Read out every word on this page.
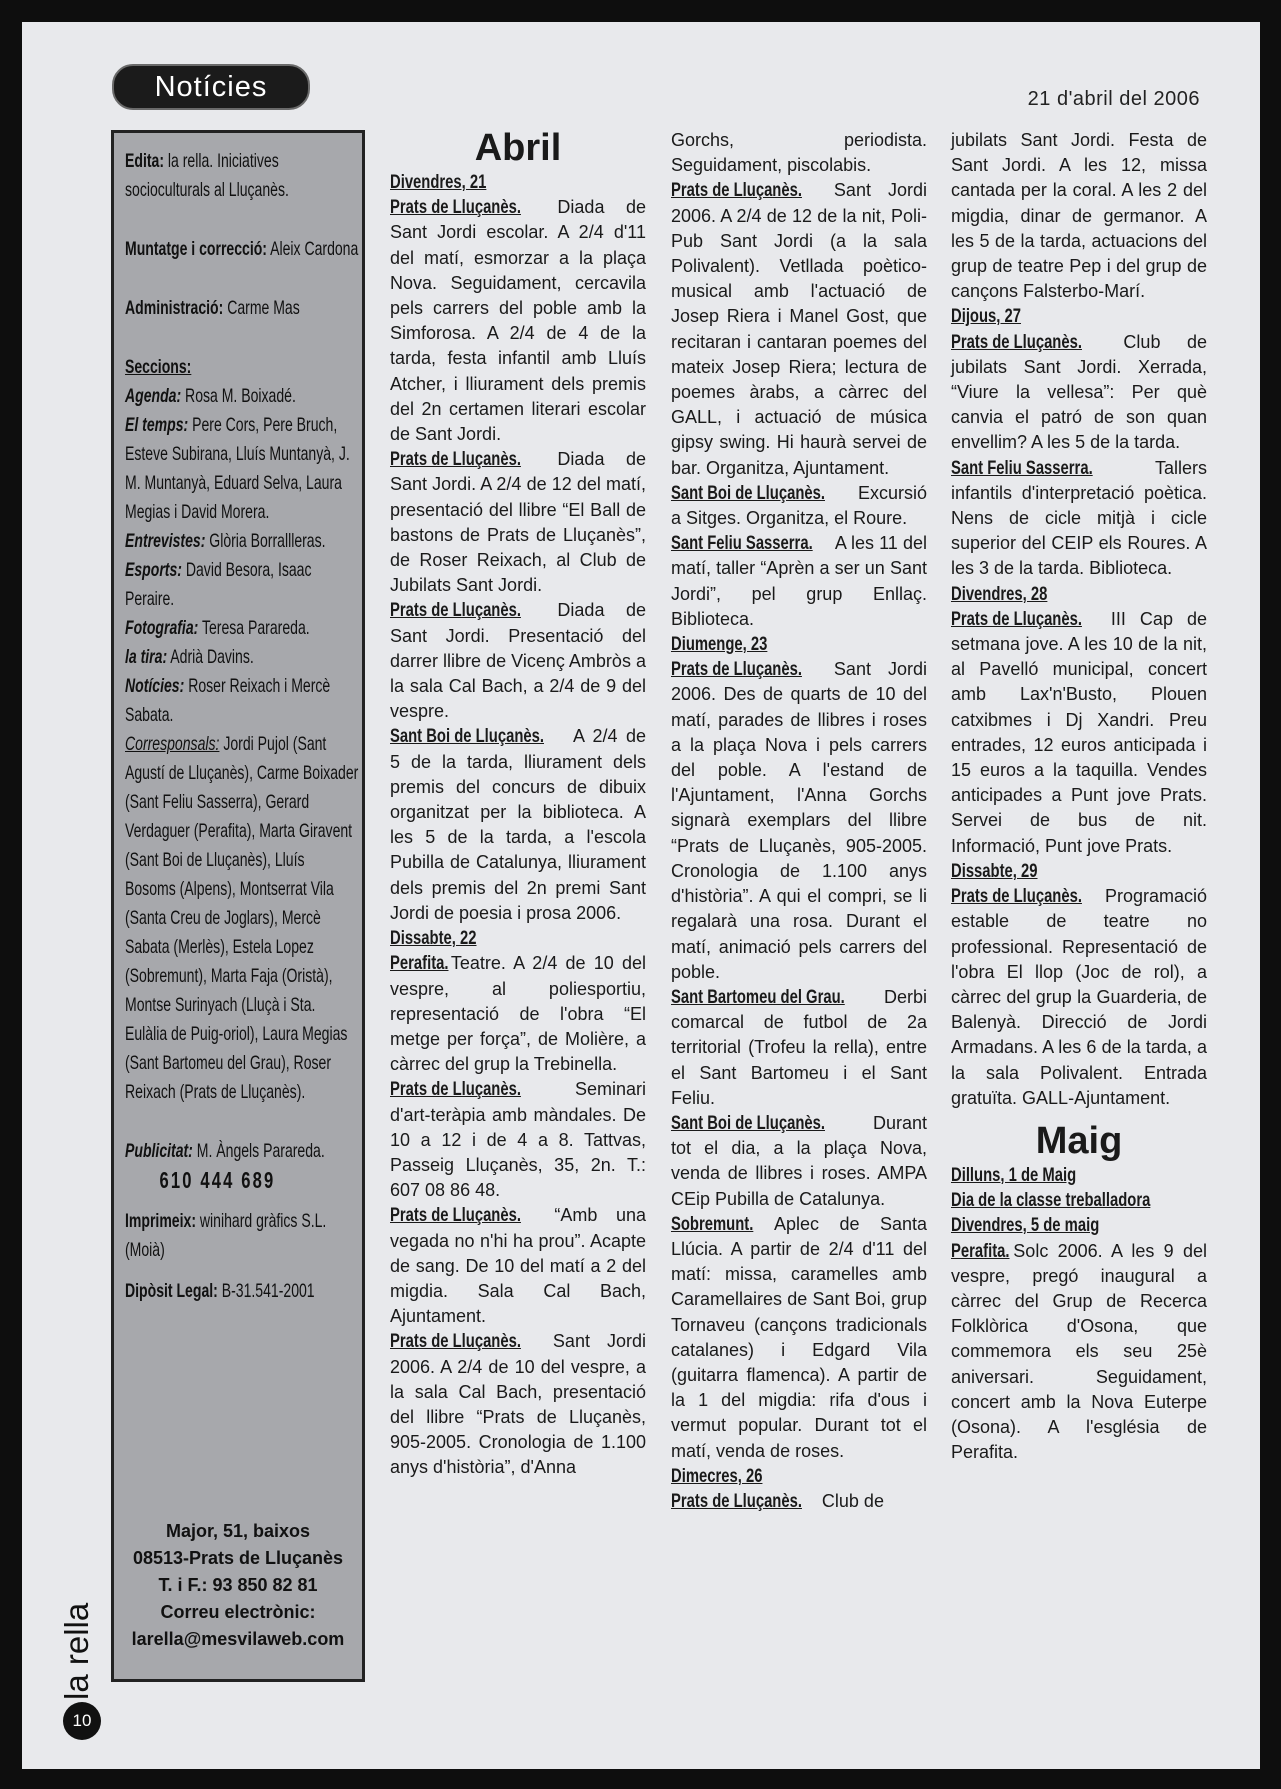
Notícies	21 d'abril del 2006

Edita: la rella. Iniciatives socioculturals al Lluçanès.

Muntatge i correcció: Aleix Cardona

Administració: Carme Mas

Seccions:

Agenda: Rosa M. Boixadé.

El temps: Pere Cors, Pere Bruch, Esteve Subirana, Lluís Muntanyà, J. M. Muntanyà, Eduard Selva, Laura Megias i David Morera.

Entrevistes: Glòria Borrallleras.

Esports: David Besora, Isaac Peraire.

Fotografia: Teresa Parareda.

la tira: Adrià Davins.

Notícies: Roser Reixach i Mercè Sabata.

Corresponsals: Jordi Pujol (Sant Agustí de Lluçanès), Carme Boixader (Sant Feliu Sasserra), Gerard Verdaguer (Perafita), Marta Giravent (Sant Boi de Lluçanès), Lluís Bosoms (Alpens), Montserrat Vila (Santa Creu de Joglars), Mercè Sabata (Merlès), Estela Lopez (Sobremunt), Marta Faja (Oristà), Montse Surinyach (Lluçà i Sta. Eulàlia de Puig-oriol), Laura Megias (Sant Bartomeu del Grau), Roser Reixach (Prats de Lluçanès).

Publicitat: M. Àngels Parareda.

610 444 689

Imprimeix: winihard gràfics S.L. (Moià)

Dipòsit Legal: B-31.541-2001

Major, 51, baixos
08513-Prats de Lluçanès
T. i F.: 93 850 82 81
Correu electrònic:
larella@mesvilaweb.com
la rella
10

Abril

Divendres, 21

Prats de Lluçanès. Diada de Sant Jordi escolar. A 2/4 d'11 del matí, esmorzar a la plaça Nova. Seguidament, cercavila pels carrers del poble amb la Simforosa. A 2/4 de 4 de la tarda, festa infantil amb Lluís Atcher, i lliurament dels premis del 2n certamen literari escolar de Sant Jordi.

Prats de Lluçanès. Diada de Sant Jordi. A 2/4 de 12 del matí, presentació del llibre “El Ball de bastons de Prats de Lluçanès”, de Roser Reixach, al Club de Jubilats Sant Jordi.

Prats de Lluçanès. Diada de Sant Jordi. Presentació del darrer llibre de Vicenç Ambròs a la sala Cal Bach, a 2/4 de 9 del vespre.

Sant Boi de Lluçanès. A 2/4 de 5 de la tarda, lliurament dels premis del concurs de dibuix organitzat per la biblioteca. A les 5 de la tarda, a l'escola Pubilla de Catalunya, lliurament dels premis del 2n premi Sant Jordi de poesia i prosa 2006.

Dissabte, 22

Perafita. Teatre. A 2/4 de 10 del vespre, al poliesportiu, representació de l'obra “El metge per força”, de Molière, a càrrec del grup la Trebinella.

Prats de Lluçanès. Seminari d'art-teràpia amb màndales. De 10 a 12 i de 4 a 8. Tattvas, Passeig Lluçanès, 35, 2n. T.: 607 08 86 48.

Prats de Lluçanès. “Amb una vegada no n'hi ha prou”. Acapte de sang. De 10 del matí a 2 del migdia. Sala Cal Bach, Ajuntament.

Prats de Lluçanès. Sant Jordi 2006. A 2/4 de 10 del vespre, a la sala Cal Bach, presentació del llibre “Prats de Lluçanès, 905-2005. Cronologia de 1.100 anys d'història”, d'Anna

Gorchs, periodista. Seguidament, piscolabis.

Prats de Lluçanès. Sant Jordi 2006. A 2/4 de 12 de la nit, Poli-Pub Sant Jordi (a la sala Polivalent). Vetllada poètico-musical amb l'actuació de Josep Riera i Manel Gost, que recitaran i cantaran poemes del mateix Josep Riera; lectura de poemes àrabs, a càrrec del GALL, i actuació de música gipsy swing. Hi haurà servei de bar. Organitza, Ajuntament.

Sant Boi de Lluçanès. Excursió a Sitges. Organitza, el Roure.

Sant Feliu Sasserra. A les 11 del matí, taller “Aprèn a ser un Sant Jordi”, pel grup Enllaç. Biblioteca.

Diumenge, 23

Prats de Lluçanès. Sant Jordi 2006. Des de quarts de 10 del matí, parades de llibres i roses a la plaça Nova i pels carrers del poble. A l'estand de l'Ajuntament, l'Anna Gorchs signarà exemplars del llibre “Prats de Lluçanès, 905-2005. Cronologia de 1.100 anys d'història”. A qui el compri, se li regalarà una rosa. Durant el matí, animació pels carrers del poble.

Sant Bartomeu del Grau. Derbi comarcal de futbol de 2a territorial (Trofeu la rella), entre el Sant Bartomeu i el Sant Feliu.

Sant Boi de Lluçanès. Durant tot el dia, a la plaça Nova, venda de llibres i roses. AMPA CEip Pubilla de Catalunya.

Sobremunt. Aplec de Santa Llúcia. A partir de 2/4 d'11 del matí: missa, caramelles amb Caramellaires de Sant Boi, grup Tornaveu (cançons tradicionals catalanes) i Edgard Vila (guitarra flamenca). A partir de la 1 del migdia: rifa d'ous i vermut popular. Durant tot el matí, venda de roses.

Dimecres, 26

Prats de Lluçanès. Club de

jubilats Sant Jordi. Festa de Sant Jordi. A les 12, missa cantada per la coral. A les 2 del migdia, dinar de germanor. A les 5 de la tarda, actuacions del grup de teatre Pep i del grup de cançons Falsterbo-Marí.

Dijous, 27

Prats de Lluçanès. Club de jubilats Sant Jordi. Xerrada, “Viure la vellesa”: Per què canvia el patró de son quan envellim? A les 5 de la tarda.

Sant Feliu Sasserra. Tallers infantils d'interpretació poètica. Nens de cicle mitjà i cicle superior del CEIP els Roures. A les 3 de la tarda. Biblioteca.

Divendres, 28

Prats de Lluçanès. III Cap de setmana jove. A les 10 de la nit, al Pavelló municipal, concert amb Lax'n'Busto, Plouen catxibmes i Dj Xandri. Preu entrades, 12 euros anticipada i 15 euros a la taquilla. Vendes anticipades a Punt jove Prats. Servei de bus de nit. Informació, Punt jove Prats.

Dissabte, 29

Prats de Lluçanès. Programació estable de teatre no professional. Representació de l'obra El llop (Joc de rol), a càrrec del grup la Guarderia, de Balenyà. Direcció de Jordi Armadans. A les 6 de la tarda, a la sala Polivalent. Entrada gratuïta. GALL-Ajuntament.

Maig

Dilluns, 1 de Maig

Dia de la classe treballadora

Divendres, 5 de maig

Perafita. Solc 2006. A les 9 del vespre, pregó inaugural a càrrec del Grup de Recerca Folklòrica d'Osona, que commemora els seu 25è aniversari. Seguidament, concert amb la Nova Euterpe (Osona). A l'església de Perafita.
